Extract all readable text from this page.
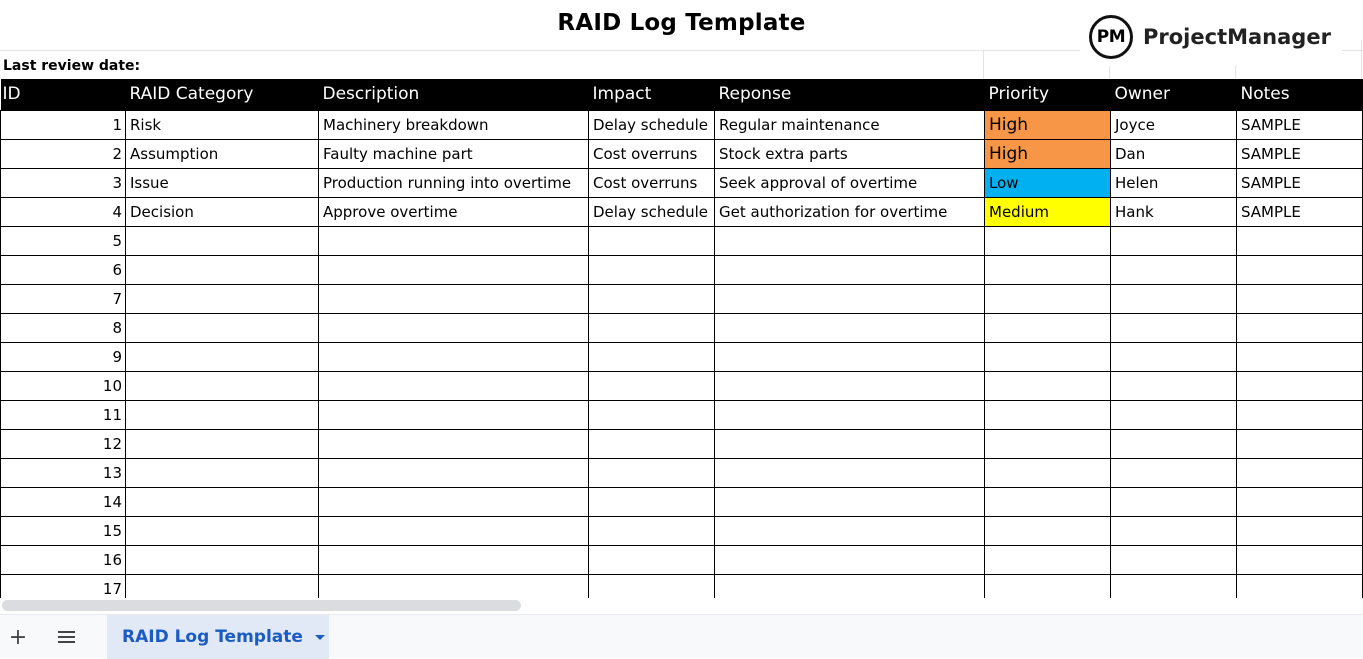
RAID Log Template
PM ProjectManager
Last review date:
ID	RAID Category	Description	Impact	Reponse	Priority	Owner	Notes
1	Risk	Machinery breakdown	Delay schedule	Regular maintenance	High	Joyce	SAMPLE
2	Assumption	Faulty machine part	Cost overruns	Stock extra parts	High	Dan	SAMPLE
3	Issue	Production running into overtime	Cost overruns	Seek approval of overtime	Low	Helen	SAMPLE
4	Decision	Approve overtime	Delay schedule	Get authorization for overtime	Medium	Hank	SAMPLE
5							
6							
7							
8							
9							
10							
11							
12							
13							
14							
15							
16							
17							
+	RAID Log Template
